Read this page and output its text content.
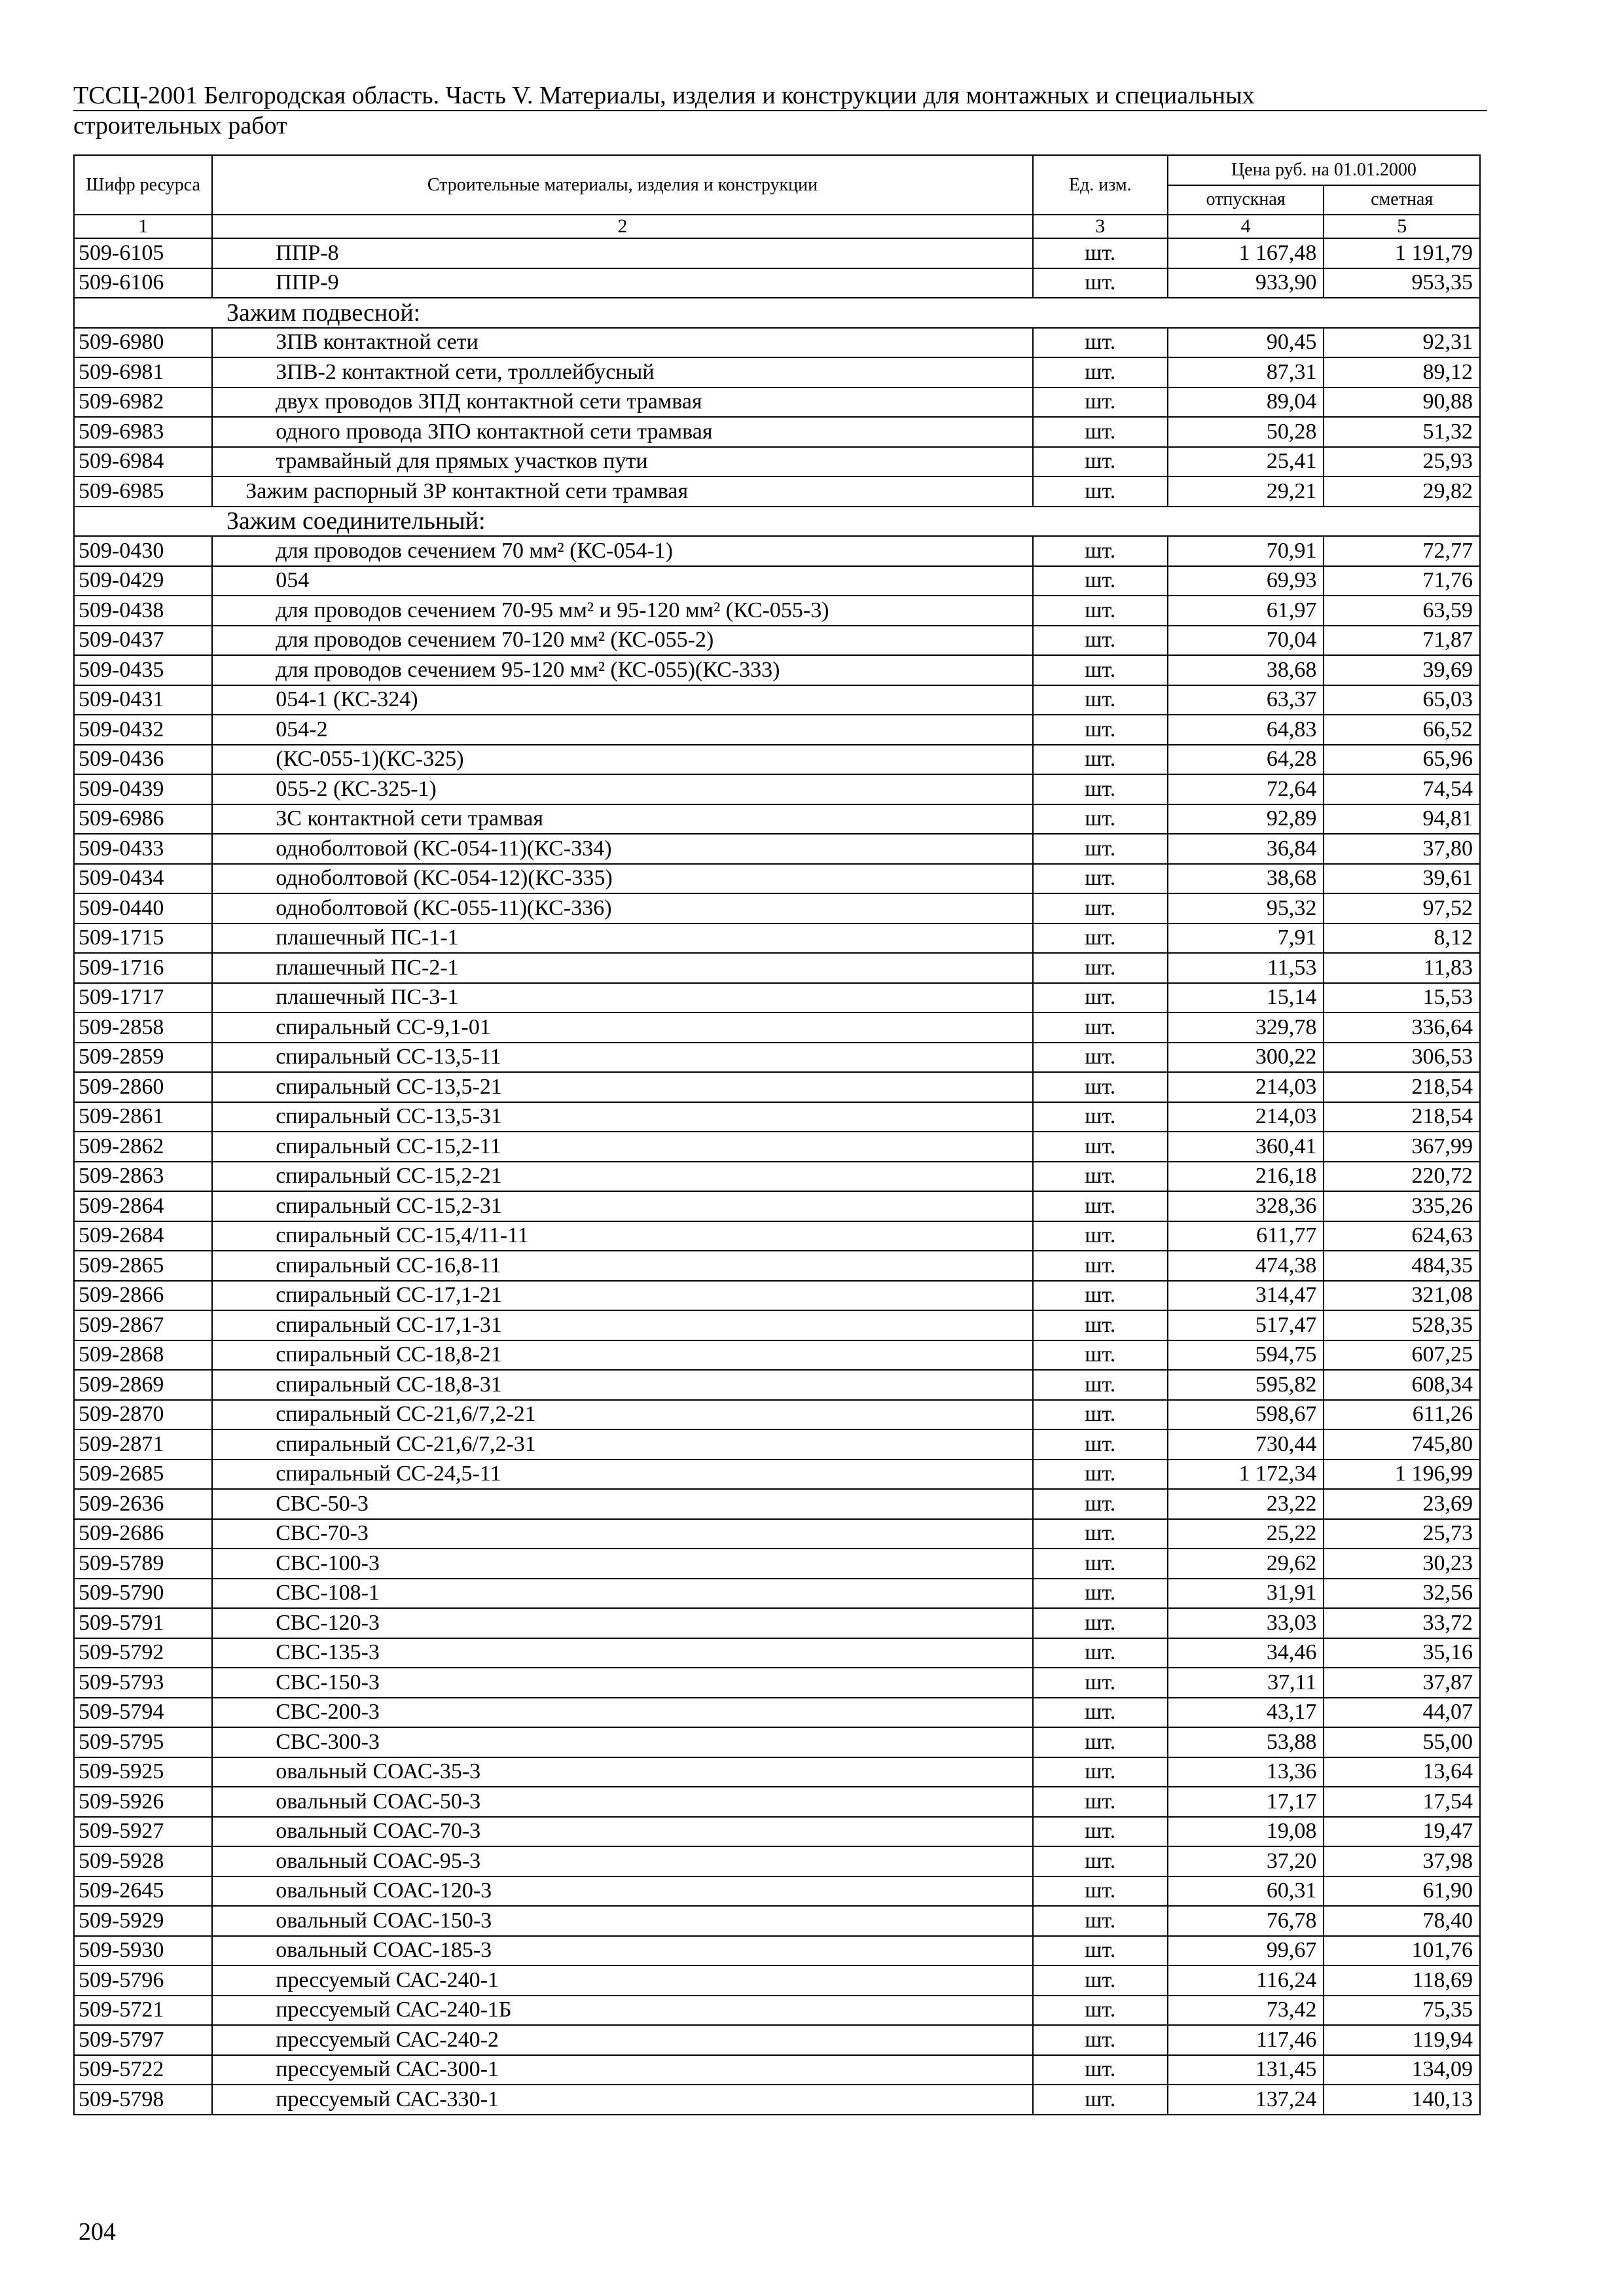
ТССЦ-2001 Белгородская область. Часть V. Материалы, изделия и конструкции для монтажных и специальных
строительных работ
Шифр ресурса	Строительные материалы, изделия и конструкции	Ед. изм.	Цена руб. на 01.01.2000	
			отпускная	сметная
1	2	3	4	5
509-6105	ППР-8	шт.	1 167,48	1 191,79
509-6106	ППР-9	шт.	933,90	953,35
Зажим подвесной:				
509-6980	ЗПВ контактной сети	шт.	90,45	92,31
509-6981	ЗПВ-2 контактной сети, троллейбусный	шт.	87,31	89,12
509-6982	двух проводов ЗПД контактной сети трамвая	шт.	89,04	90,88
509-6983	одного провода ЗПО контактной сети трамвая	шт.	50,28	51,32
509-6984	трамвайный для прямых участков пути	шт.	25,41	25,93
509-6985	Зажим распорный ЗР контактной сети трамвая	шт.	29,21	29,82
Зажим соединительный:				
509-0430	для проводов сечением 70 мм² (КС-054-1)	шт.	70,91	72,77
509-0429	054	шт.	69,93	71,76
509-0438	для проводов сечением 70-95 мм² и 95-120 мм² (КС-055-3)	шт.	61,97	63,59
509-0437	для проводов сечением 70-120 мм² (КС-055-2)	шт.	70,04	71,87
509-0435	для проводов сечением 95-120 мм² (КС-055)(КС-333)	шт.	38,68	39,69
509-0431	054-1 (КС-324)	шт.	63,37	65,03
509-0432	054-2	шт.	64,83	66,52
509-0436	(КС-055-1)(КС-325)	шт.	64,28	65,96
509-0439	055-2 (КС-325-1)	шт.	72,64	74,54
509-6986	ЗС контактной сети трамвая	шт.	92,89	94,81
509-0433	одноболтовой (КС-054-11)(КС-334)	шт.	36,84	37,80
509-0434	одноболтовой (КС-054-12)(КС-335)	шт.	38,68	39,61
509-0440	одноболтовой (КС-055-11)(КС-336)	шт.	95,32	97,52
509-1715	плашечный ПС-1-1	шт.	7,91	8,12
509-1716	плашечный ПС-2-1	шт.	11,53	11,83
509-1717	плашечный ПС-3-1	шт.	15,14	15,53
509-2858	спиральный СС-9,1-01	шт.	329,78	336,64
509-2859	спиральный СС-13,5-11	шт.	300,22	306,53
509-2860	спиральный СС-13,5-21	шт.	214,03	218,54
509-2861	спиральный СС-13,5-31	шт.	214,03	218,54
509-2862	спиральный СС-15,2-11	шт.	360,41	367,99
509-2863	спиральный СС-15,2-21	шт.	216,18	220,72
509-2864	спиральный СС-15,2-31	шт.	328,36	335,26
509-2684	спиральный СС-15,4/11-11	шт.	611,77	624,63
509-2865	спиральный СС-16,8-11	шт.	474,38	484,35
509-2866	спиральный СС-17,1-21	шт.	314,47	321,08
509-2867	спиральный СС-17,1-31	шт.	517,47	528,35
509-2868	спиральный СС-18,8-21	шт.	594,75	607,25
509-2869	спиральный СС-18,8-31	шт.	595,82	608,34
509-2870	спиральный СС-21,6/7,2-21	шт.	598,67	611,26
509-2871	спиральный СС-21,6/7,2-31	шт.	730,44	745,80
509-2685	спиральный СС-24,5-11	шт.	1 172,34	1 196,99
509-2636	СВС-50-3	шт.	23,22	23,69
509-2686	СВС-70-3	шт.	25,22	25,73
509-5789	СВС-100-3	шт.	29,62	30,23
509-5790	СВС-108-1	шт.	31,91	32,56
509-5791	СВС-120-3	шт.	33,03	33,72
509-5792	СВС-135-3	шт.	34,46	35,16
509-5793	СВС-150-3	шт.	37,11	37,87
509-5794	СВС-200-3	шт.	43,17	44,07
509-5795	СВС-300-3	шт.	53,88	55,00
509-5925	овальный СОАС-35-3	шт.	13,36	13,64
509-5926	овальный СОАС-50-3	шт.	17,17	17,54
509-5927	овальный СОАС-70-3	шт.	19,08	19,47
509-5928	овальный СОАС-95-3	шт.	37,20	37,98
509-2645	овальный СОАС-120-3	шт.	60,31	61,90
509-5929	овальный СОАС-150-3	шт.	76,78	78,40
509-5930	овальный СОАС-185-3	шт.	99,67	101,76
509-5796	прессуемый САС-240-1	шт.	116,24	118,69
509-5721	прессуемый САС-240-1Б	шт.	73,42	75,35
509-5797	прессуемый САС-240-2	шт.	117,46	119,94
509-5722	прессуемый САС-300-1	шт.	131,45	134,09
509-5798	прессуемый САС-330-1	шт.	137,24	140,13
204
